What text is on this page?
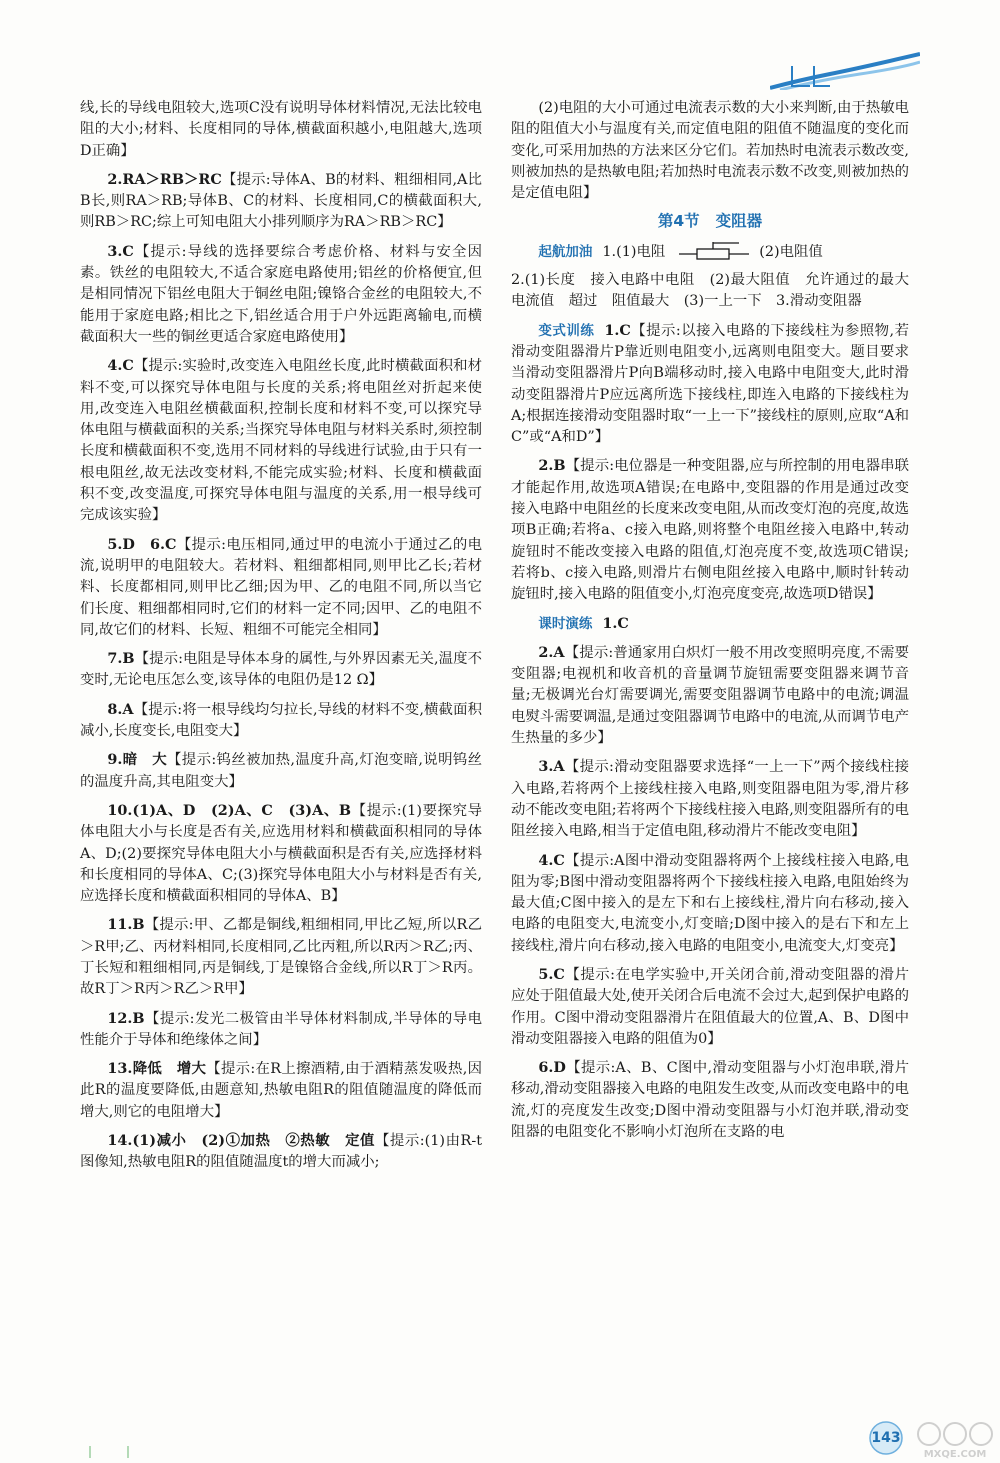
线,长的导线电阻较大,选项C没有说明导体材料情况,无法比较电阻的大小;材料、长度相同的导体,横截面积越小,电阻越大,选项D正确】

2.RA＞RB＞RC【提示:导体A、B的材料、粗细相同,A比B长,则RA＞RB;导体B、C的材料、长度相同,C的横截面积大,则RB＞RC;综上可知电阻大小排列顺序为RA＞RB＞RC】

3.C【提示:导线的选择要综合考虑价格、材料与安全因素。铁丝的电阻较大,不适合家庭电路使用;铝丝的价格便宜,但是相同情况下铝丝电阻大于铜丝电阻;镍铬合金丝的电阻较大,不能用于家庭电路;相比之下,铝丝适合用于户外远距离输电,而横截面积大一些的铜丝更适合家庭电路使用】

4.C【提示:实验时,改变连入电阻丝长度,此时横截面积和材料不变,可以探究导体电阻与长度的关系;将电阻丝对折起来使用,改变连入电阻丝横截面积,控制长度和材料不变,可以探究导体电阻与横截面积的关系;当探究导体电阻与材料关系时,须控制长度和横截面积不变,选用不同材料的导线进行试验,由于只有一根电阻丝,故无法改变材料,不能完成实验;材料、长度和横截面积不变,改变温度,可探究导体电阻与温度的关系,用一根导线可完成该实验】

5.D　6.C【提示:电压相同,通过甲的电流小于通过乙的电流,说明甲的电阻较大。若材料、粗细都相同,则甲比乙长;若材料、长度都相同,则甲比乙细;因为甲、乙的电阻不同,所以当它们长度、粗细都相同时,它们的材料一定不同;因甲、乙的电阻不同,故它们的材料、长短、粗细不可能完全相同】

7.B【提示:电阻是导体本身的属性,与外界因素无关,温度不变时,无论电压怎么变,该导体的电阻仍是12 Ω】

8.A【提示:将一根导线均匀拉长,导线的材料不变,横截面积减小,长度变长,电阻变大】

9.暗　大【提示:钨丝被加热,温度升高,灯泡变暗,说明钨丝的温度升高,其电阻变大】

10.(1)A、D　(2)A、C　(3)A、B【提示:(1)要探究导体电阻大小与长度是否有关,应选用材料和横截面积相同的导体A、D;(2)要探究导体电阻大小与横截面积是否有关,应选择材料和长度相同的导体A、C;(3)探究导体电阻大小与材料是否有关,应选择长度和横截面积相同的导体A、B】

11.B【提示:甲、乙都是铜线,粗细相同,甲比乙短,所以R乙＞R甲;乙、丙材料相同,长度相同,乙比丙粗,所以R丙＞R乙;丙、丁长短和粗细相同,丙是铜线,丁是镍铬合金线,所以R丁＞R丙。故R丁＞R丙＞R乙＞R甲】

12.B【提示:发光二极管由半导体材料制成,半导体的导电性能介于导体和绝缘体之间】

13.降低　增大【提示:在R上擦酒精,由于酒精蒸发吸热,因此R的温度要降低,由题意知,热敏电阻R的阻值随温度的降低而增大,则它的电阻增大】

14.(1)减小　(2)①加热　②热敏　定值【提示:(1)由R-t图像知,热敏电阻R的阻值随温度t的增大而减小;

(2)电阻的大小可通过电流表示数的大小来判断,由于热敏电阻的阻值大小与温度有关,而定值电阻的阻值不随温度的变化而变化,可采用加热的方法来区分它们。若加热时电流表示数改变,则被加热的是热敏电阻;若加热时电流表示数不改变,则被加热的是定值电阻】

第4节 变阻器

起航加油 1.(1)电阻	(2)电阻值

2.(1)长度　接入电路中电阻　(2)最大阻值　允许通过的最大电流值　超过　阻值最大　(3)一上一下　3.滑动变阻器

变式训练 1.C【提示:以接入电路的下接线柱为参照物,若滑动变阻器滑片P靠近则电阻变小,远离则电阻变大。题目要求当滑动变阻器滑片P向B端移动时,接入电路中电阻变大,此时滑动变阻器滑片P应远离所选下接线柱,即连入电路的下接线柱为A;根据连接滑动变阻器时取“一上一下”接线柱的原则,应取“A和C”或“A和D”】

2.B【提示:电位器是一种变阻器,应与所控制的用电器串联才能起作用,故选项A错误;在电路中,变阻器的作用是通过改变接入电路中电阻丝的长度来改变电阻,从而改变灯泡的亮度,故选项B正确;若将a、c接入电路,则将整个电阻丝接入电路中,转动旋钮时不能改变接入电路的阻值,灯泡亮度不变,故选项C错误;若将b、c接入电路,则滑片右侧电阻丝接入电路中,顺时针转动旋钮时,接入电路的阻值变小,灯泡亮度变亮,故选项D错误】

课时演练 1.C

2.A【提示:普通家用白炽灯一般不用改变照明亮度,不需要变阻器;电视机和收音机的音量调节旋钮需要变阻器来调节音量;无极调光台灯需要调光,需要变阻器调节电路中的电流;调温电熨斗需要调温,是通过变阻器调节电路中的电流,从而调节电产生热量的多少】

3.A【提示:滑动变阻器要求选择“一上一下”两个接线柱接入电路,若将两个上接线柱接入电路,则变阻器电阻为零,滑片移动不能改变电阻;若将两个下接线柱接入电路,则变阻器所有的电阻丝接入电路,相当于定值电阻,移动滑片不能改变电阻】

4.C【提示:A图中滑动变阻器将两个上接线柱接入电路,电阻为零;B图中滑动变阻器将两个下接线柱接入电路,电阻始终为最大值;C图中接入的是左下和右上接线柱,滑片向右移动,接入电路的电阻变大,电流变小,灯变暗;D图中接入的是右下和左上接线柱,滑片向右移动,接入电路的电阻变小,电流变大,灯变亮】

5.C【提示:在电学实验中,开关闭合前,滑动变阻器的滑片应处于阻值最大处,使开关闭合后电流不会过大,起到保护电路的作用。C图中滑动变阻器滑片在阻值最大的位置,A、B、D图中滑动变阻器接入电路的阻值为0】

6.D【提示:A、B、C图中,滑动变阻器与小灯泡串联,滑片移动,滑动变阻器接入电路的电阻发生改变,从而改变电路中的电流,灯的亮度发生改变;D图中滑动变阻器与小灯泡并联,滑动变阻器的电阻变化不影响小灯泡所在支路的电

143
MXQE.COM
